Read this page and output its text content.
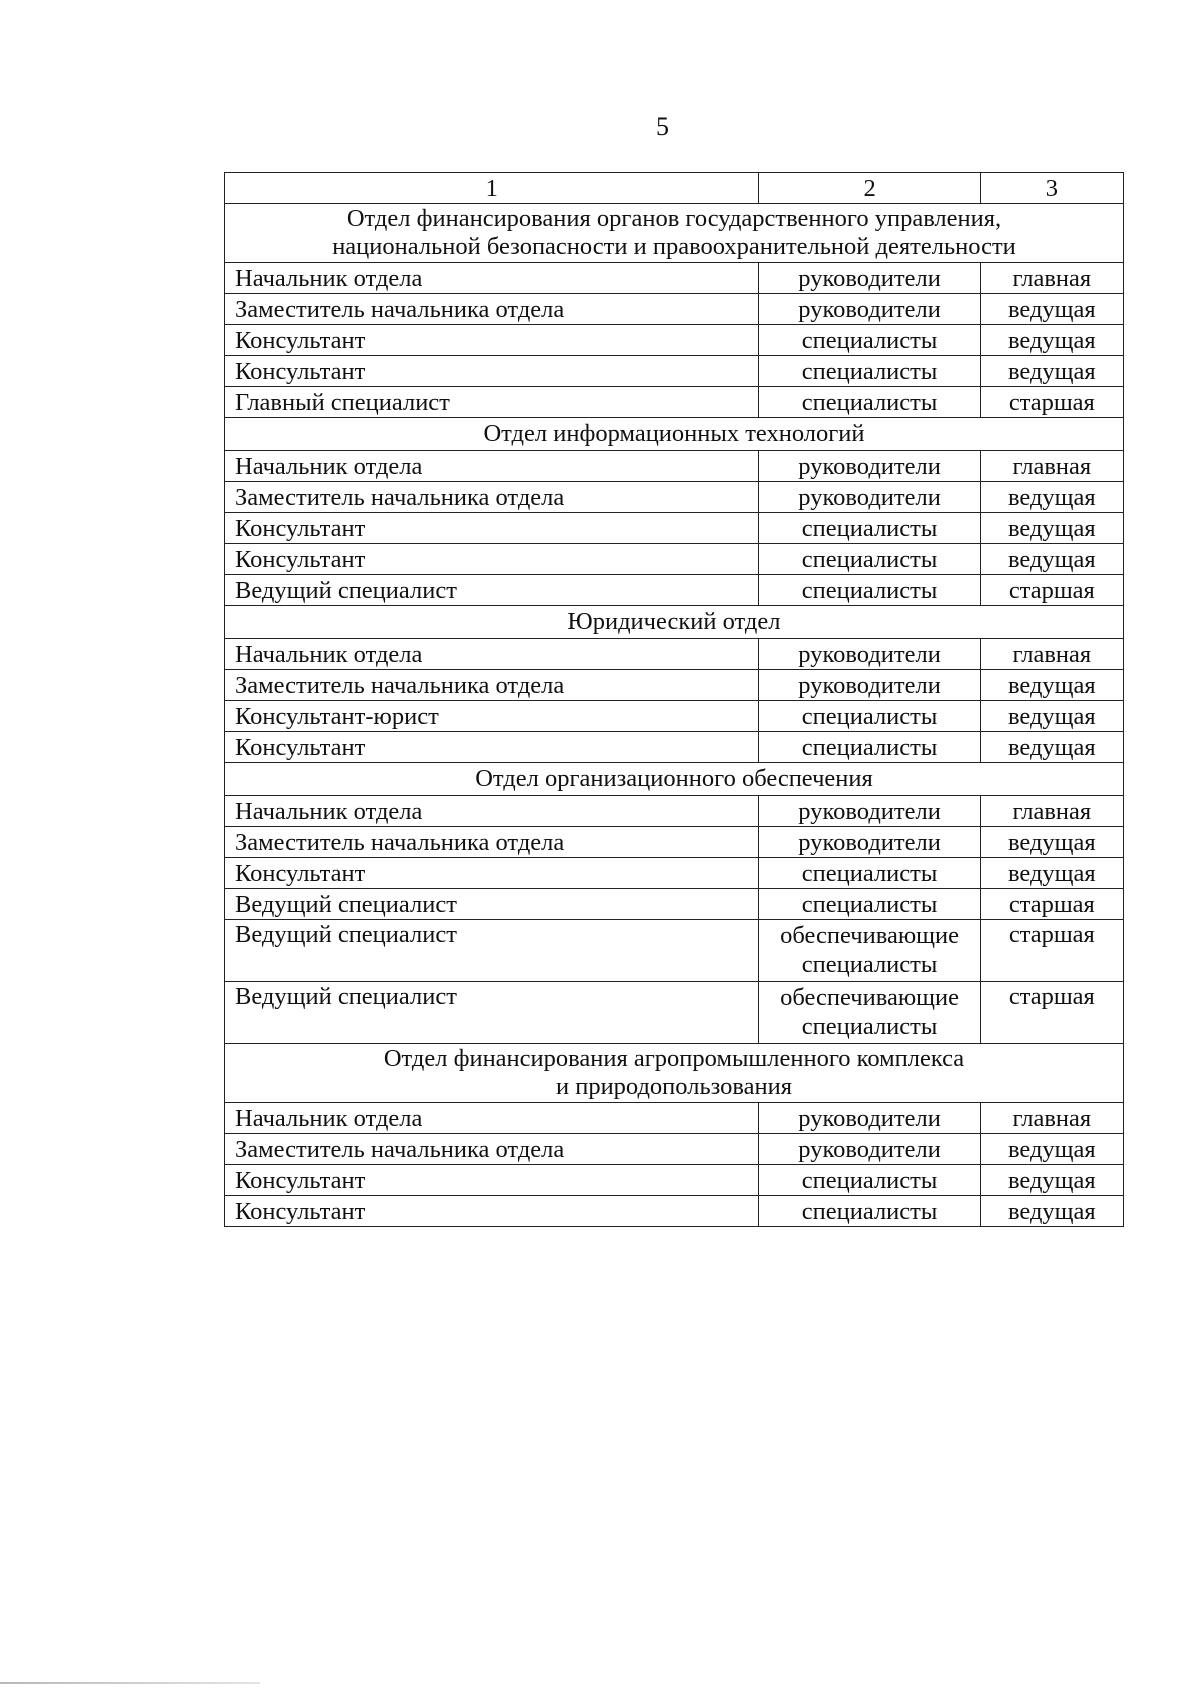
5
1	2	3

Отдел финансирования органов государственного управления,
национальной безопасности и правоохранительной деятельности		

Начальник отдела	руководители	главная
Заместитель начальника отдела	руководители	ведущая
Консультант	специалисты	ведущая
Консультант	специалисты	ведущая
Главный специалист	специалисты	старшая

Отдел информационных технологий		

Начальник отдела	руководители	главная
Заместитель начальника отдела	руководители	ведущая
Консультант	специалисты	ведущая
Консультант	специалисты	ведущая
Ведущий специалист	специалисты	старшая

Юридический отдел		

Начальник отдела	руководители	главная
Заместитель начальника отдела	руководители	ведущая
Консультант-юрист	специалисты	ведущая
Консультант	специалисты	ведущая

Отдел организационного обеспечения		

Начальник отдела	руководители	главная
Заместитель начальника отдела	руководители	ведущая
Консультант	специалисты	ведущая
Ведущий специалист	специалисты	старшая
Ведущий специалист	обеспечивающие специалисты	старшая
Ведущий специалист	обеспечивающие специалисты	старшая

Отдел финансирования агропромышленного комплекса
и природопользования		

Начальник отдела	руководители	главная
Заместитель начальника отдела	руководители	ведущая
Консультант	специалисты	ведущая
Консультант	специалисты	ведущая
